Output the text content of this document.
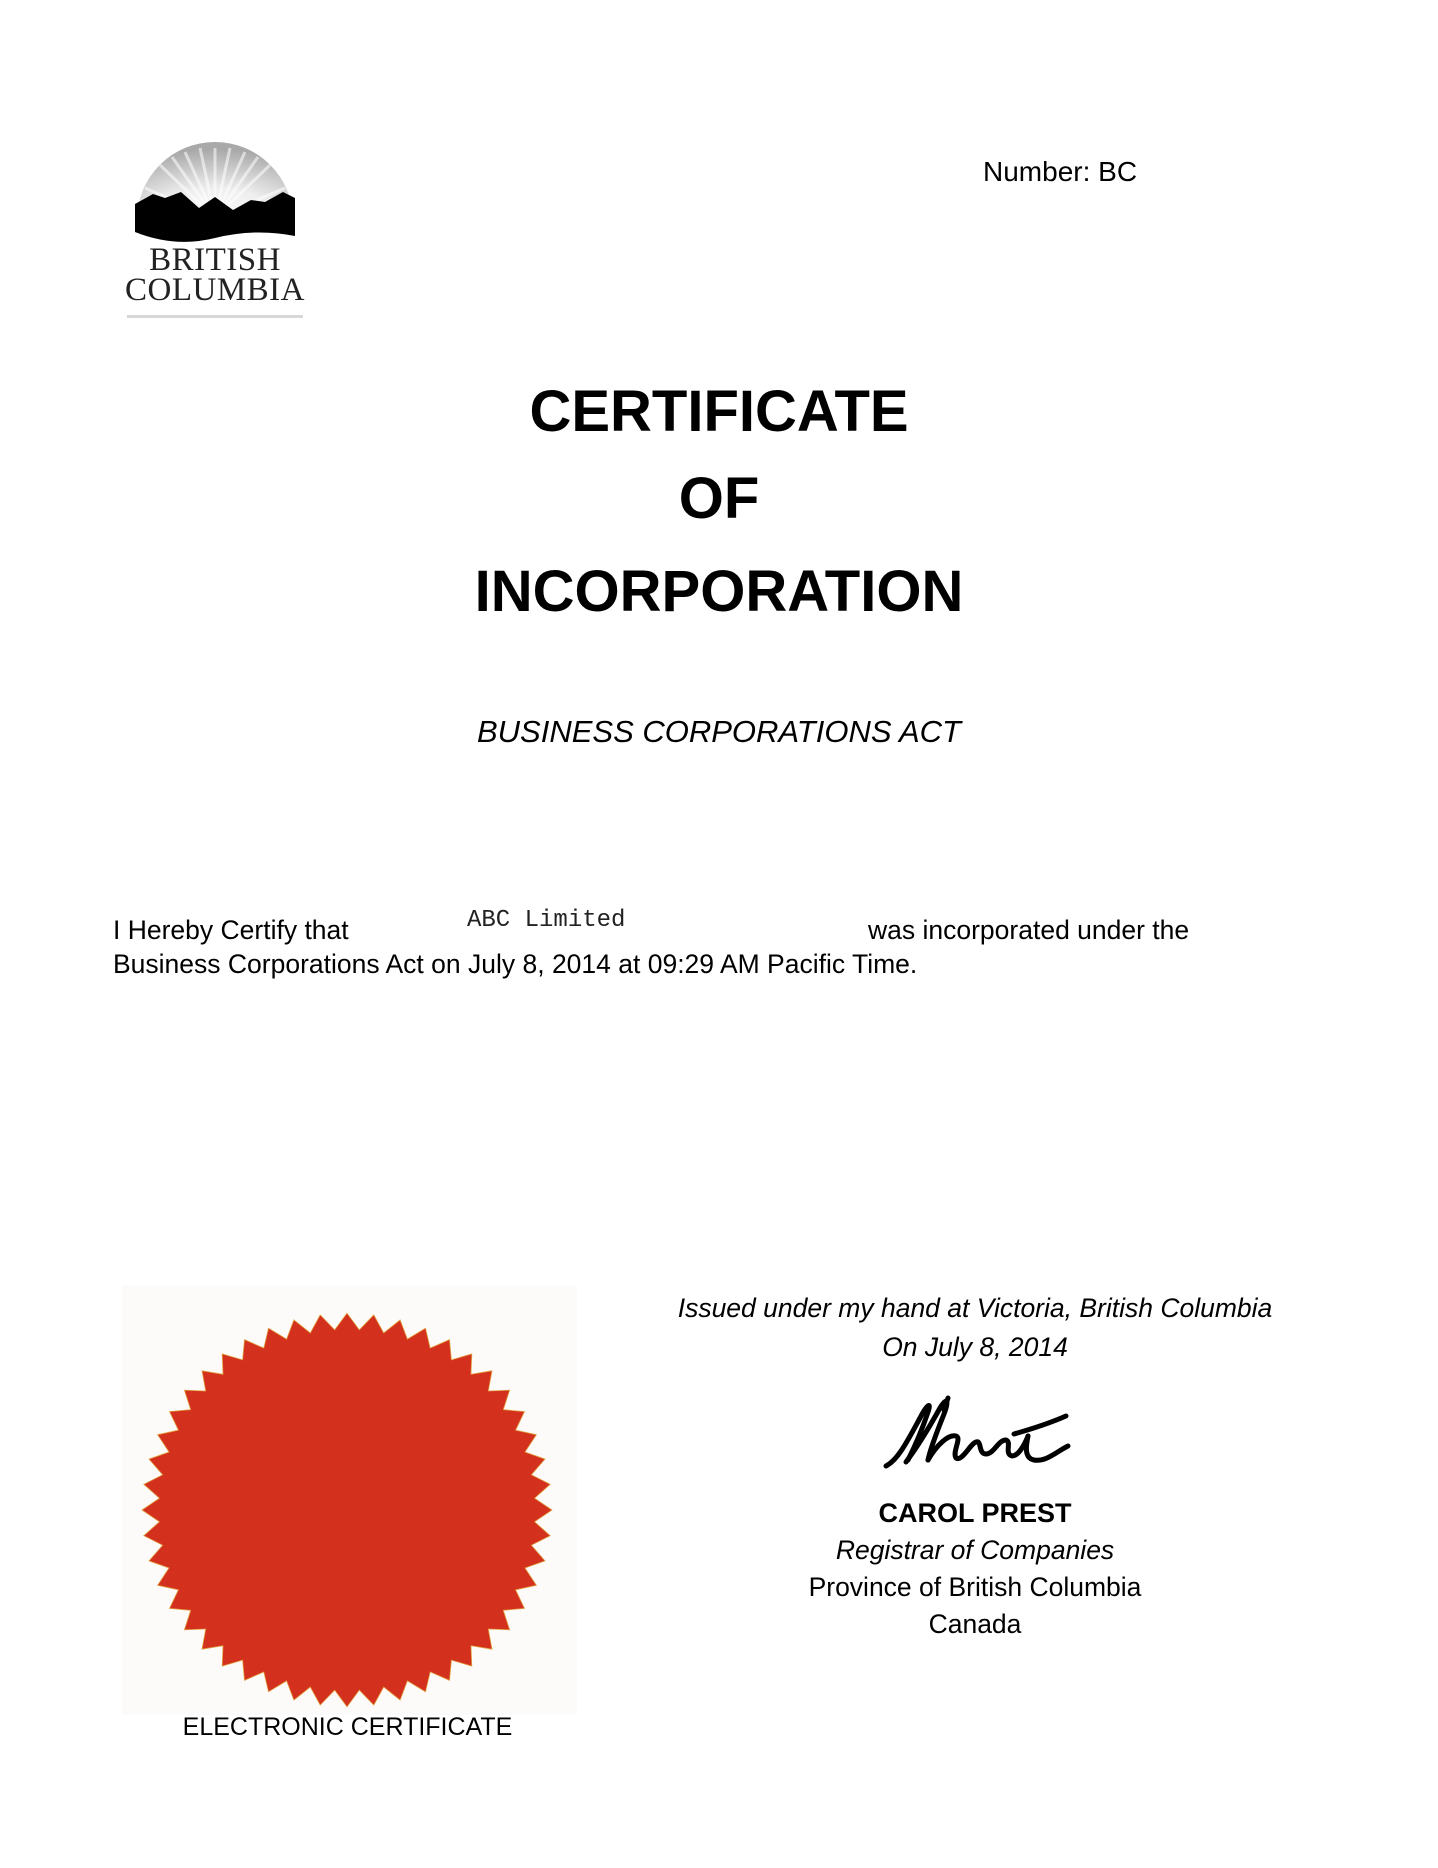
BRITISH
COLUMBIA
Number: BC
CERTIFICATE
OF
INCORPORATION
BUSINESS CORPORATIONS ACT
I Hereby Certify that	ABC Limited	was incorporated under the
Business Corporations Act on July 8, 2014 at 09:29 AM Pacific Time.
ELECTRONIC CERTIFICATE
Issued under my hand at Victoria, British Columbia
On July 8, 2014
CAROL PREST
Registrar of Companies
Province of British Columbia
Canada
